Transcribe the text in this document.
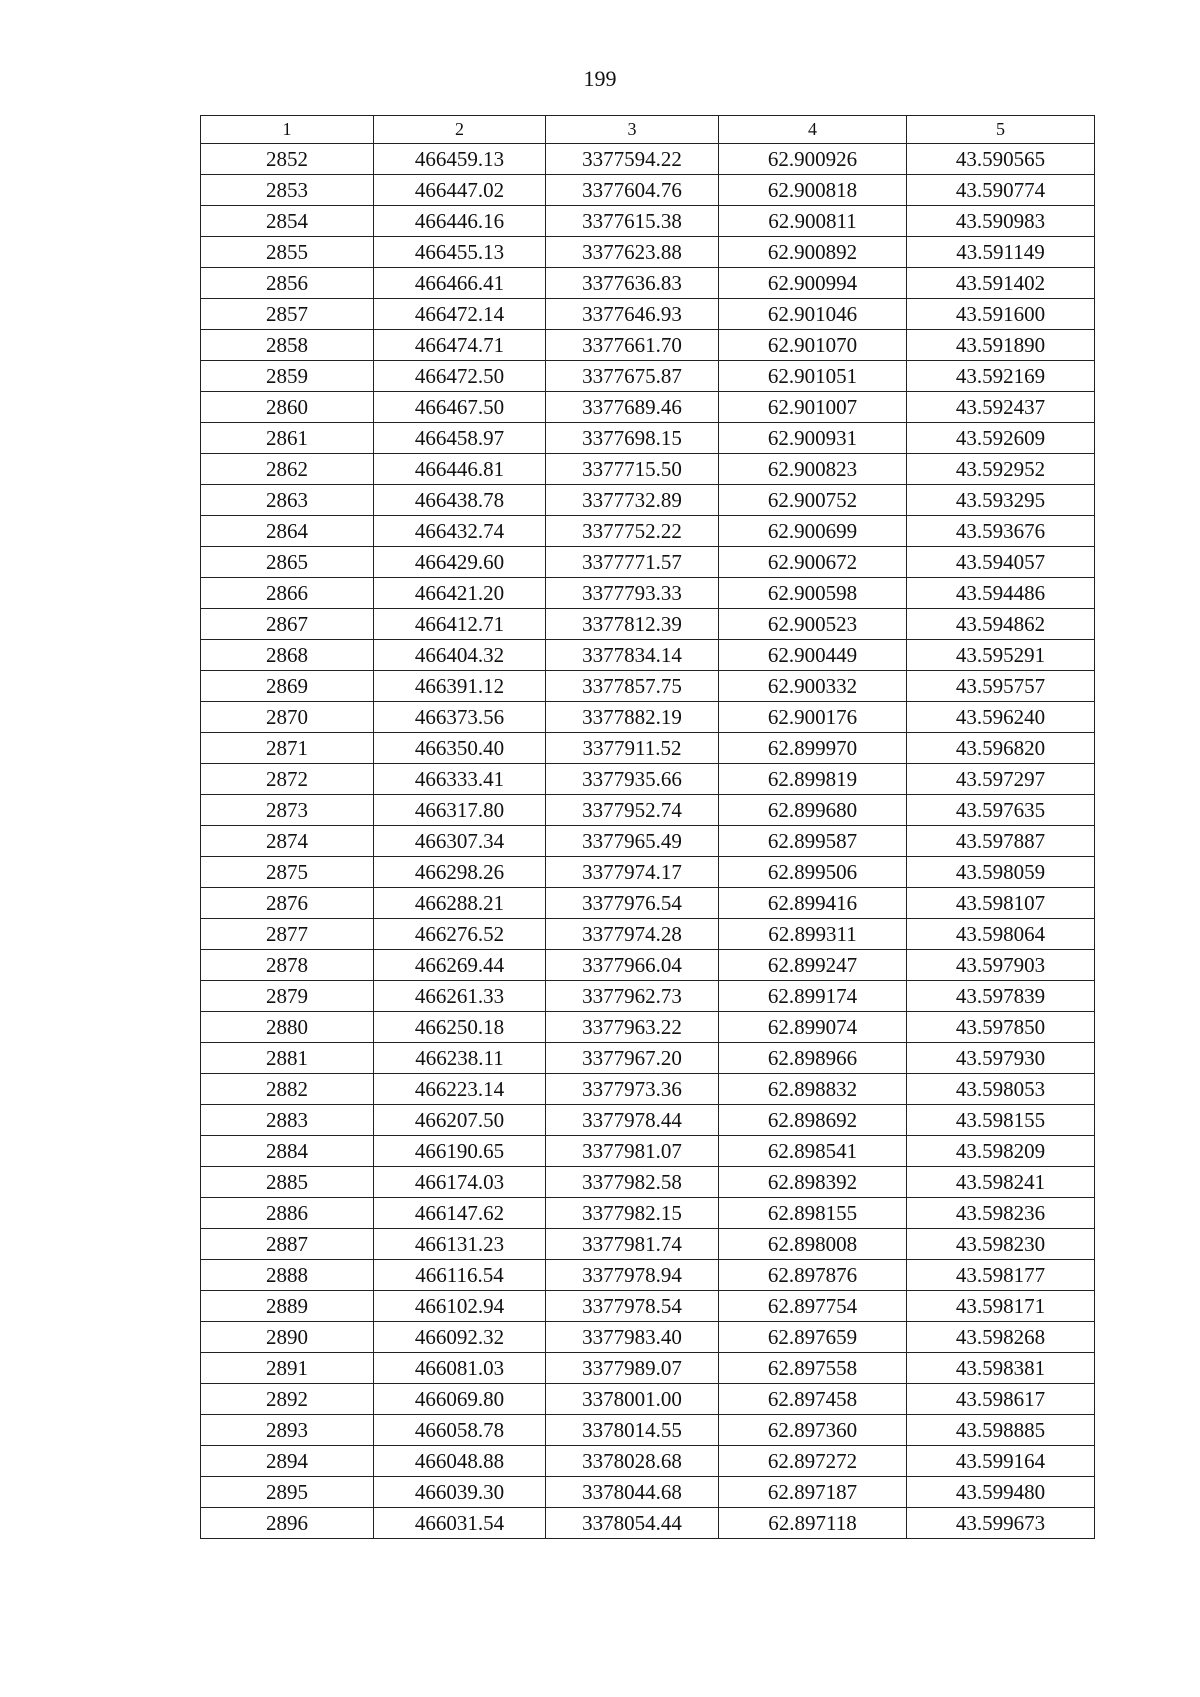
199
1	2	3	4	5
2852	466459.13	3377594.22	62.900926	43.590565
2853	466447.02	3377604.76	62.900818	43.590774
2854	466446.16	3377615.38	62.900811	43.590983
2855	466455.13	3377623.88	62.900892	43.591149
2856	466466.41	3377636.83	62.900994	43.591402
2857	466472.14	3377646.93	62.901046	43.591600
2858	466474.71	3377661.70	62.901070	43.591890
2859	466472.50	3377675.87	62.901051	43.592169
2860	466467.50	3377689.46	62.901007	43.592437
2861	466458.97	3377698.15	62.900931	43.592609
2862	466446.81	3377715.50	62.900823	43.592952
2863	466438.78	3377732.89	62.900752	43.593295
2864	466432.74	3377752.22	62.900699	43.593676
2865	466429.60	3377771.57	62.900672	43.594057
2866	466421.20	3377793.33	62.900598	43.594486
2867	466412.71	3377812.39	62.900523	43.594862
2868	466404.32	3377834.14	62.900449	43.595291
2869	466391.12	3377857.75	62.900332	43.595757
2870	466373.56	3377882.19	62.900176	43.596240
2871	466350.40	3377911.52	62.899970	43.596820
2872	466333.41	3377935.66	62.899819	43.597297
2873	466317.80	3377952.74	62.899680	43.597635
2874	466307.34	3377965.49	62.899587	43.597887
2875	466298.26	3377974.17	62.899506	43.598059
2876	466288.21	3377976.54	62.899416	43.598107
2877	466276.52	3377974.28	62.899311	43.598064
2878	466269.44	3377966.04	62.899247	43.597903
2879	466261.33	3377962.73	62.899174	43.597839
2880	466250.18	3377963.22	62.899074	43.597850
2881	466238.11	3377967.20	62.898966	43.597930
2882	466223.14	3377973.36	62.898832	43.598053
2883	466207.50	3377978.44	62.898692	43.598155
2884	466190.65	3377981.07	62.898541	43.598209
2885	466174.03	3377982.58	62.898392	43.598241
2886	466147.62	3377982.15	62.898155	43.598236
2887	466131.23	3377981.74	62.898008	43.598230
2888	466116.54	3377978.94	62.897876	43.598177
2889	466102.94	3377978.54	62.897754	43.598171
2890	466092.32	3377983.40	62.897659	43.598268
2891	466081.03	3377989.07	62.897558	43.598381
2892	466069.80	3378001.00	62.897458	43.598617
2893	466058.78	3378014.55	62.897360	43.598885
2894	466048.88	3378028.68	62.897272	43.599164
2895	466039.30	3378044.68	62.897187	43.599480
2896	466031.54	3378054.44	62.897118	43.599673
